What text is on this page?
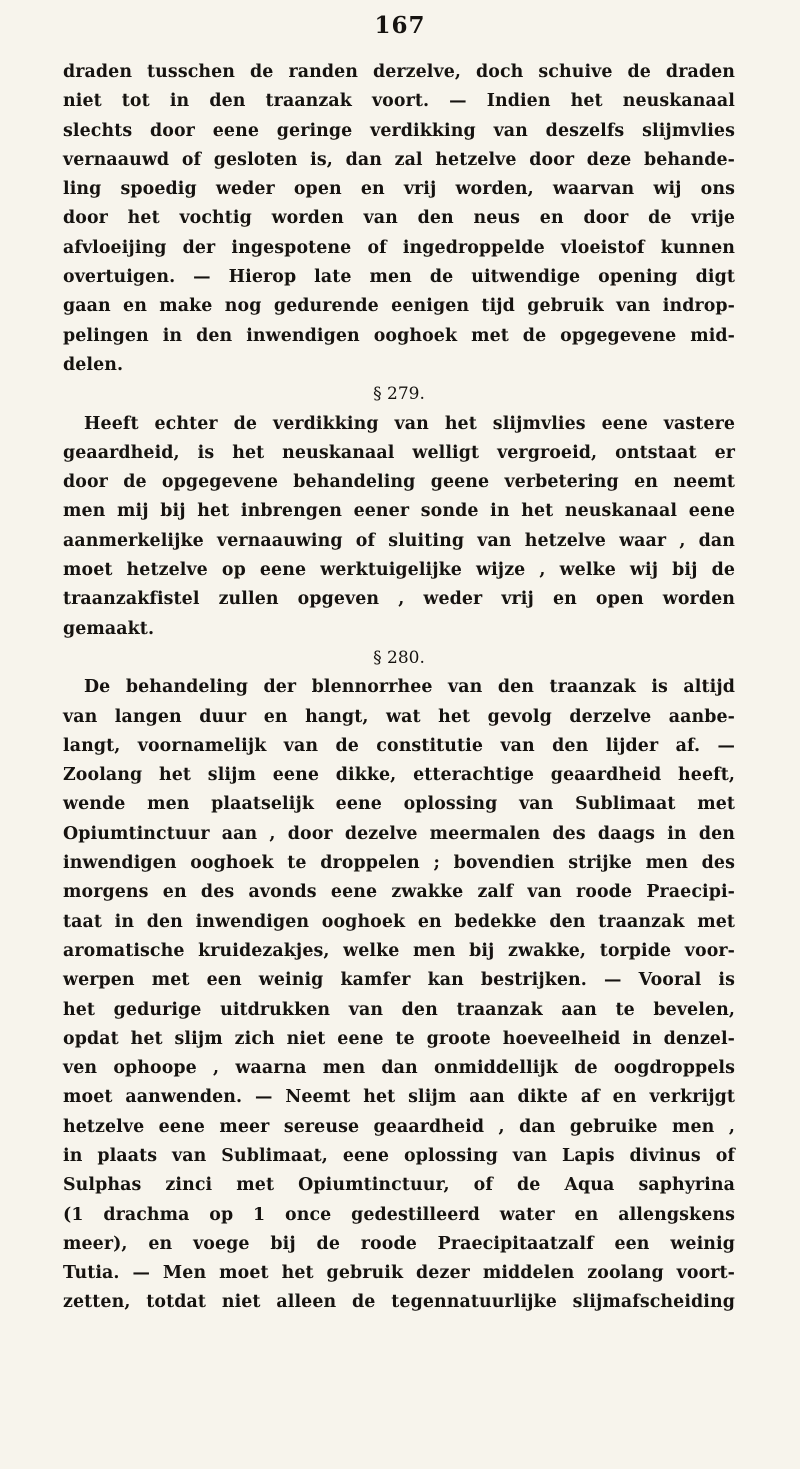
167
draden tusschen de randen derzelve, doch schuive de draden
niet tot in den traanzak voort. — Indien het neuskanaal
slechts door eene geringe verdikking van deszelfs slijmvlies
vernaauwd of gesloten is, dan zal hetzelve door deze behande-
ling spoedig weder open en vrij worden, waarvan wij ons
door het vochtig worden van den neus en door de vrije
afvloeijing der ingespotene of ingedroppelde vloeistof kunnen
overtuigen. — Hierop late men de uitwendige opening digt
gaan en make nog gedurende eenigen tijd gebruik van indrop-
pelingen in den inwendigen ooghoek met de opgegevene mid-
delen.
§ 279.
Heeft echter de verdikking van het slijmvlies eene vastere
geaardheid, is het neuskanaal welligt vergroeid, ontstaat er
door de opgegevene behandeling geene verbetering en neemt
men mij bij het inbrengen eener sonde in het neuskanaal eene
aanmerkelijke vernaauwing of sluiting van hetzelve waar , dan
moet hetzelve op eene werktuigelijke wijze , welke wij bij de
traanzakfistel zullen opgeven , weder vrij en open worden
gemaakt.
§ 280.
De behandeling der blennorrhee van den traanzak is altijd
van langen duur en hangt, wat het gevolg derzelve aanbe-
langt, voornamelijk van de constitutie van den lijder af. —
Zoolang het slijm eene dikke, etterachtige geaardheid heeft,
wende men plaatselijk eene oplossing van Sublimaat met
Opiumtinctuur aan , door dezelve meermalen des daags in den
inwendigen ooghoek te droppelen ; bovendien strijke men des
morgens en des avonds eene zwakke zalf van roode Praecipi-
taat in den inwendigen ooghoek en bedekke den traanzak met
aromatische kruidezakjes, welke men bij zwakke, torpide voor-
werpen met een weinig kamfer kan bestrijken. — Vooral is
het gedurige uitdrukken van den traanzak aan te bevelen,
opdat het slijm zich niet eene te groote hoeveelheid in denzel-
ven ophoope , waarna men dan onmiddellijk de oogdroppels
moet aanwenden. — Neemt het slijm aan dikte af en verkrijgt
hetzelve eene meer sereuse geaardheid , dan gebruike men ,
in plaats van Sublimaat, eene oplossing van Lapis divinus of
Sulphas zinci met Opiumtinctuur, of de Aqua saphyrina
(1 drachma op 1 once gedestilleerd water en allengskens
meer), en voege bij de roode Praecipitaatzalf een weinig
Tutia. — Men moet het gebruik dezer middelen zoolang voort-
zetten, totdat niet alleen de tegennatuurlijke slijmafscheiding
